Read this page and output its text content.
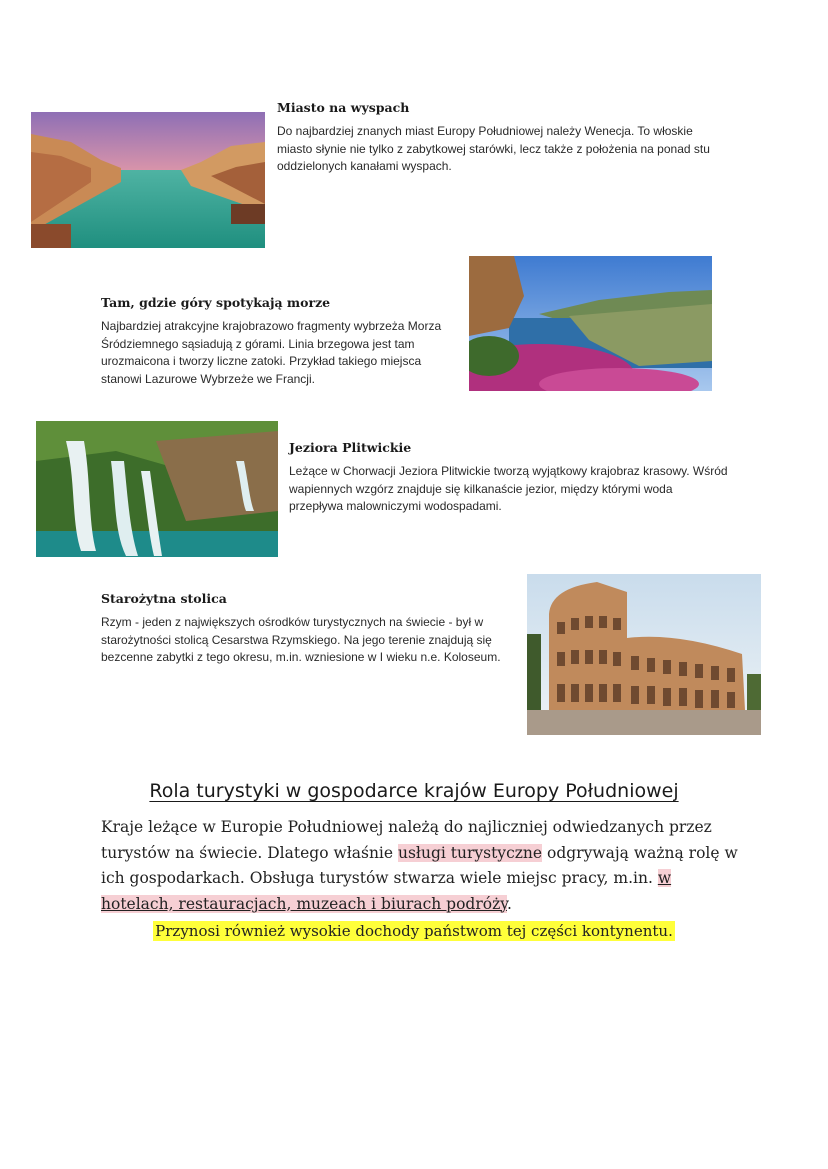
Miasto na wyspach
Do najbardziej znanych miast Europy Południowej należy Wenecja. To włoskie miasto słynie nie tylko z zabytkowej starówki, lecz także z położenia na ponad stu oddzielonych kanałami wyspach.
Tam, gdzie góry spotykają morze
Najbardziej atrakcyjne krajobrazowo fragmenty wybrzeża Morza Śródziemnego sąsiadują z górami. Linia brzegowa jest tam urozmaicona i tworzy liczne zatoki. Przykład takiego miejsca stanowi Lazurowe Wybrzeże we Francji.
Jeziora Plitwickie
Leżące w Chorwacji Jeziora Plitwickie tworzą wyjątkowy krajobraz krasowy. Wśród wapiennych wzgórz znajduje się kilkanaście jezior, między którymi woda przepływa malowniczymi wodospadami.
Starożytna stolica
Rzym - jeden z największych ośrodków turystycznych na świecie - był w starożytności stolicą Cesarstwa Rzymskiego. Na jego terenie znajdują się bezcenne zabytki z tego okresu, m.in. wzniesione w I wieku n.e. Koloseum.
Rola turystyki w gospodarce krajów Europy Południowej
Kraje leżące w Europie Południowej należą do najliczniej odwiedzanych przez turystów na świecie. Dlatego właśnie usługi turystyczne odgrywają ważną rolę w ich gospodarkach. Obsługa turystów stwarza wiele miejsc pracy, m.in. w hotelach, restauracjach, muzeach i biurach podróży.
Przynosi również wysokie dochody państwom tej części kontynentu.
